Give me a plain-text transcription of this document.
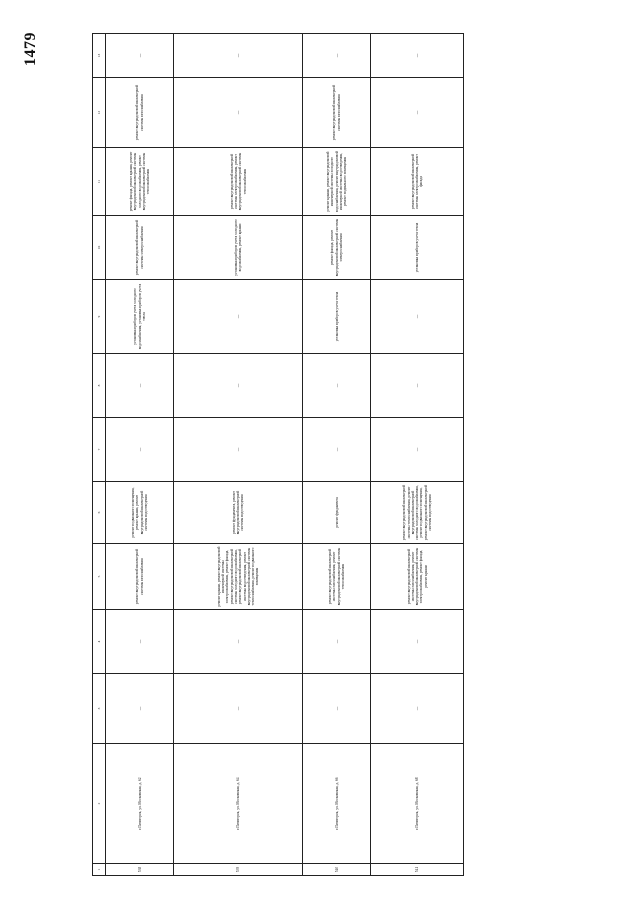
1479
1	2	3	4	5	6	7	8	9	10	11	12	13
538	г.Пятигорск, ул. Московская, д. 62	—	—	ремонт внутридомовой инженерной системы газоснабжения	ремонт подвального помещения, ремонт крыши, ремонт внутридомовой инженерной системы водоотведения	—	—	установка приборов учета холодного водоснабжения, установка приборов учета тепла	ремонт внутридомовой инженерной системы электроснабжения	ремонт фасада, ремонт крыши, ремонт внутридомовой инженерной системы холодного водоснабжения, ремонт внутридомовой инженерной системы теплоснабжения	ремонт внутридомовой инженерной системы газоснабжения	—
539	г.Пятигорск, ул. Московская, д. 64	—	—	ремонт крыши, ремонт внутридомовой инженерной системы электроснабжения, ремонт фасада, ремонт внутридомовой инженерной системы холодного водоснабжения, ремонт внутридомовой инженерной системы водоотведения, ремонт внутридомовой инженерной системы теплоснабжения, ремонт подвального помещения	ремонт фундамента, ремонт внутридомовой инженерной системы водоотведения	—	—	—	установка приборов учета холодного водоснабжения, ремонт крыши	ремонт внутридомовой инженерной системы электроснабжения, ремонт внутридомовой инженерной системы теплоснабжения	—	—
540	г.Пятигорск, ул. Московская, д. 66	—	—	ремонт внутридомовой инженерной системы газоснабжения, ремонт внутридомовой инженерной системы теплоснабжения	ремонт фундамента	—	—	установка приборов учета тепла	ремонт фасада, ремонт внутридомовой инженерной системы электроснабжения	ремонт крыши, ремонт внутридомовой инженерной системы холодного водоснабжения, ремонт внутридомовой инженерной системы водоотведения, ремонт подвального помещения	ремонт внутридомовой инженерной системы газоснабжения	—
541	г.Пятигорск, ул. Московская, д. 68	—	—	ремонт внутридомовой инженерной системы газоснабжения, ремонт внутридомовой инженерной системы электроснабжения, ремонт фасада, ремонт крыши	ремонт внутридомовой инженерной системы теплоснабжения, ремонт внутридомовой инженерной системы холодного водоснабжения, ремонт подвального помещения, ремонт внутридомовой инженерной системы водоотведения	—	—	—	установка приборов учета тепла	ремонт внутридомовой инженерной системы электроснабжения, ремонт фасада	—	—
